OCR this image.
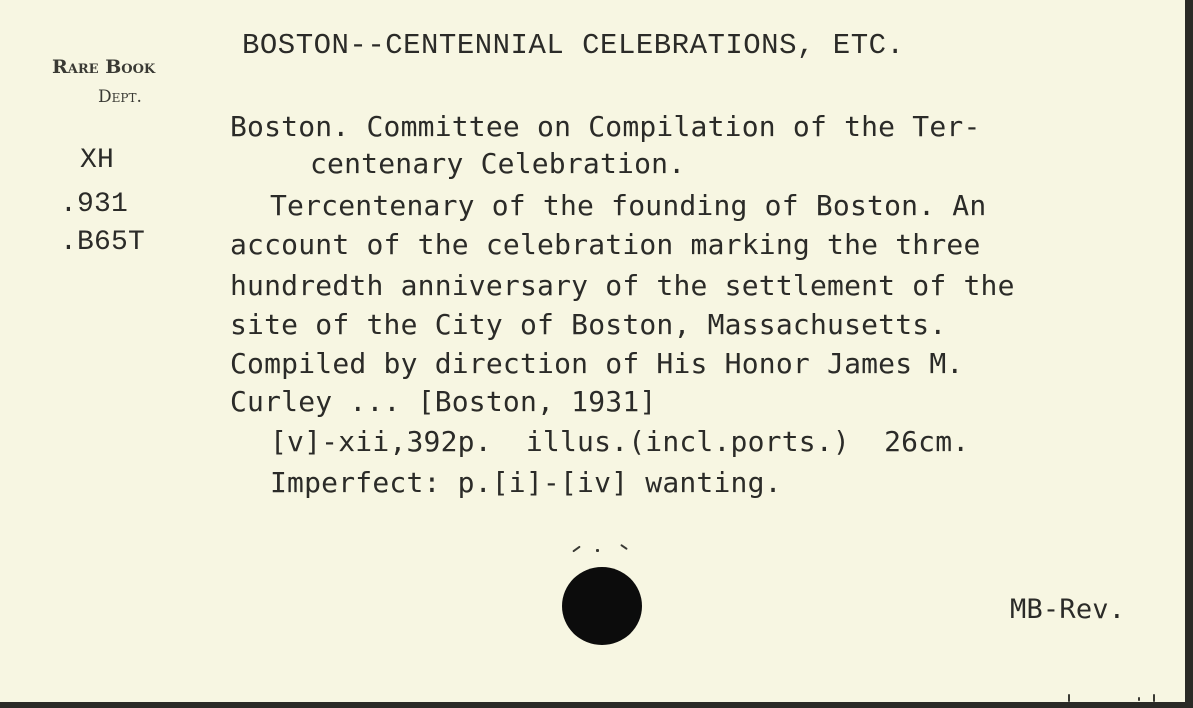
Rare Book
Dept.
BOSTON--CENTENNIAL CELEBRATIONS, ETC.
XH
.931
.B65T
Boston. Committee on Compilation of the Ter-
centenary Celebration.
Tercentenary of the founding of Boston. An
account of the celebration marking the three
hundredth anniversary of the settlement of the
site of the City of Boston, Massachusetts.
Compiled by direction of His Honor James M.
Curley ... [Boston, 1931]
[v]-xii,392p.  illus.(incl.ports.)  26cm.
Imperfect: p.[i]-[iv] wanting.
MB-Rev.
